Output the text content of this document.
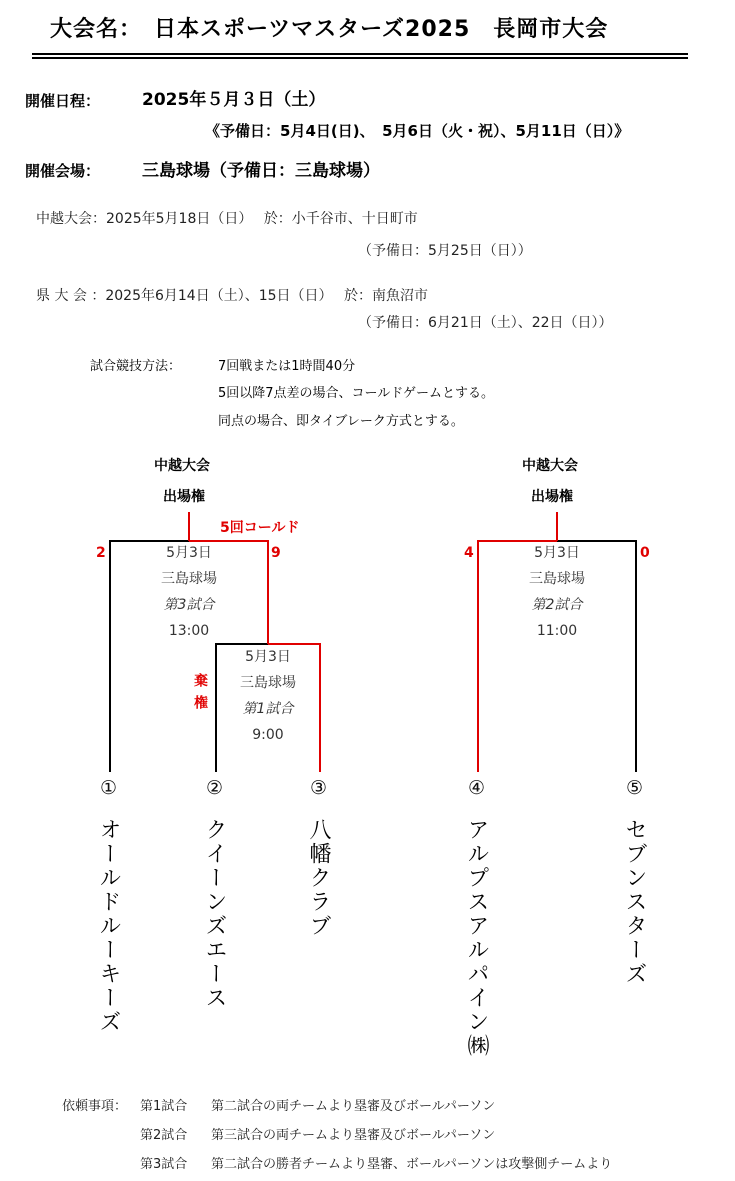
大会名：　日本スポーツマスターズ2025　長岡市大会
開催日程： 2025年５月３日（土）
《予備日：5月4日(日)、　5月6日（火・祝）、5月11日（日）》
開催会場： 三島球場（予備日：三島球場）
中越大会：2025年5月18日（日）　 於：小千谷市、十日町市
（予備日：5月25日（日））
県 大 会 ：2025年6月14日（土）、15日（日）　 於：南魚沼市
（予備日：6月21日（土）、22日（日））
試合競技方法：	7回戦または1時間40分
5回以降7点差の場合、コールドゲームとする。
同点の場合、即タイブレーク方式とする。
中越大会
出場権
中越大会
出場権
5回コールド
棄権
2	9	4	0
5月3日
三島球場
第3試合
13:00
5月3日
三島球場
第1試合
9:00
5月3日
三島球場
第2試合
11:00
①	②	③	④	⑤
オールドルーキーズ	クイーンズエース	八幡クラブ	アルプスアルパイン㈱	セブンスターズ
依頼事項： 第1試合 第二試合の両チームより塁審及びボールパーソン
第2試合 第三試合の両チームより塁審及びボールパーソン
第3試合 第二試合の勝者チームより塁審、ボールパーソンは攻撃側チームより
